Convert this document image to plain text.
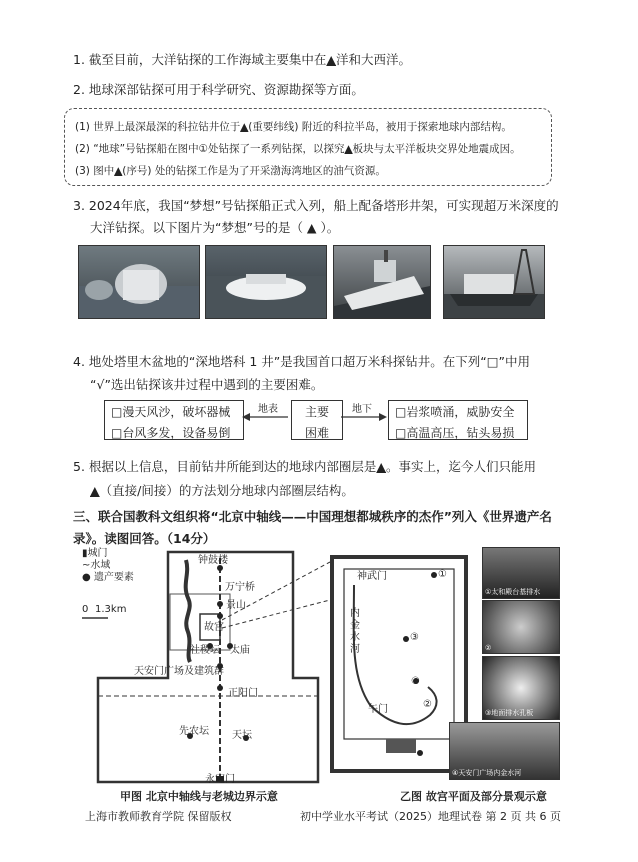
1. 截至目前，大洋钻探的工作海域主要集中在▲洋和大西洋。
2. 地球深部钻探可用于科学研究、资源勘探等方面。
(1) 世界上最深最深的科拉钻井位于▲(重要纬线) 附近的科拉半岛，被用于探索地球内部结构。
(2) “地球”号钻探船在图中①处钻探了一系列钻探，以探究▲板块与太平洋板块交界处地震成因。
(3) 图中▲(序号) 处的钻探工作是为了开采渤海湾地区的油气资源。
3. 2024年底，我国“梦想”号钻探船正式入列，船上配备塔形井架，可实现超万米深度的
大洋钻探。以下图片为“梦想”号的是（ ▲ ）。
4. 地处塔里木盆地的“深地塔科 1 井”是我国首口超万米科探钻井。在下列“□”中用
“√”选出钻探该井过程中遇到的主要困难。
□漫天风沙，破坏器械
□台风多发，设备易倒
地表	主要
困难
地下	□岩浆喷涌，威胁安全
□高温高压，钻头易损
5. 根据以上信息，目前钻井所能到达的地球内部圈层是▲。事实上，迄今人们只能用
▲（直接/间接）的方法划分地球内部圈层结构。
三、联合国教科文组织将“北京中轴线——中国理想都城秩序的杰作”列入《世界遗产名
录》。读图回答。（14分）
▮城门
~水域
● 遗产要素
0 1.3km
钟鼓楼
万宁桥
景山
故宫
社稷坛 太庙
天安门广场及建筑群
正阳门
先农坛 天坛
永定门
甲图 北京中轴线与老城边界示意
神武门
内金水河
①
③
④
午门	②
乙图 故宫平面及部分景观示意
①太和殿台基排水
②
③地面排水孔板
④天安门广场内金水河
上海市教师教育学院 保留版权	初中学业水平考试（2025）地理试卷 第 2 页 共 6 页
